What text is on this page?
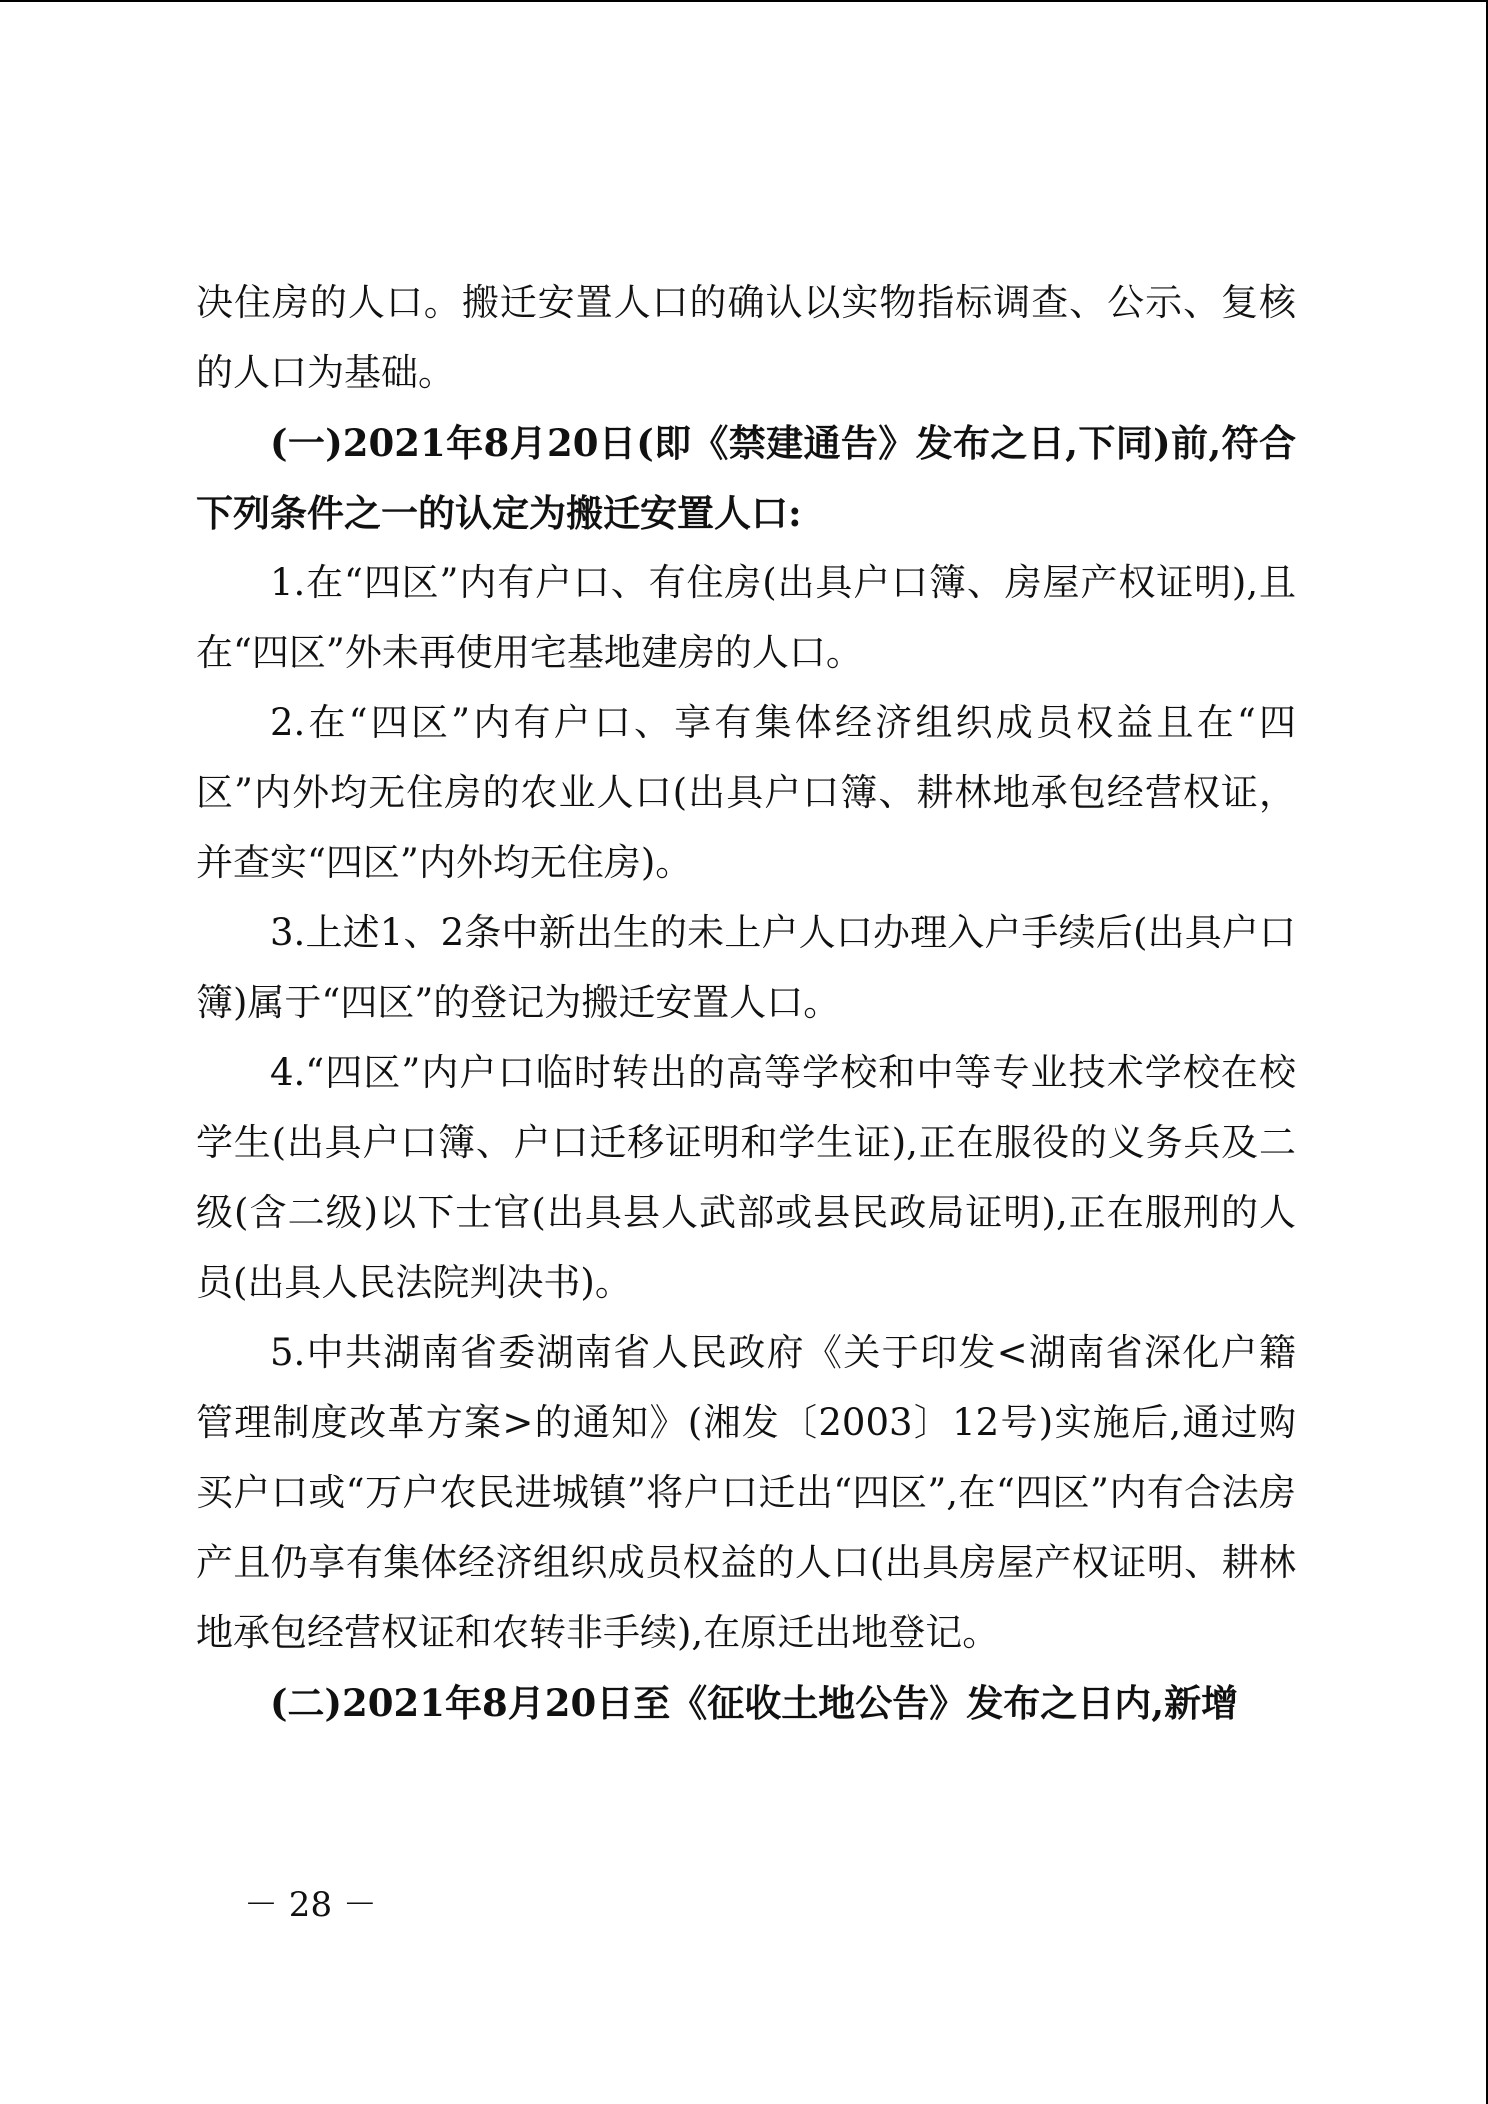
决住房的人口。搬迁安置人口的确认以实物指标调查、公示、复核的人口为基础。

(一)2021年8月20日(即《禁建通告》发布之日,下同)前,符合下列条件之一的认定为搬迁安置人口:

1.在“四区”内有户口、有住房(出具户口簿、房屋产权证明),且在“四区”外未再使用宅基地建房的人口。

2.在“四区”内有户口、享有集体经济组织成员权益且在“四区”内外均无住房的农业人口(出具户口簿、耕林地承包经营权证，并查实“四区”内外均无住房)。

3.上述1、2条中新出生的未上户人口办理入户手续后(出具户口簿)属于“四区”的登记为搬迁安置人口。

4.“四区”内户口临时转出的高等学校和中等专业技术学校在校学生(出具户口簿、户口迁移证明和学生证),正在服役的义务兵及二级(含二级)以下士官(出具县人武部或县民政局证明),正在服刑的人员(出具人民法院判决书)。

5.中共湖南省委湖南省人民政府《关于印发<湖南省深化户籍管理制度改革方案>的通知》(湘发〔2003〕12号)实施后,通过购买户口或“万户农民进城镇”将户口迁出“四区”,在“四区”内有合法房产且仍享有集体经济组织成员权益的人口(出具房屋产权证明、耕林地承包经营权证和农转非手续),在原迁出地登记。

(二)2021年8月20日至《征收土地公告》发布之日内,新增

－ 28 －
